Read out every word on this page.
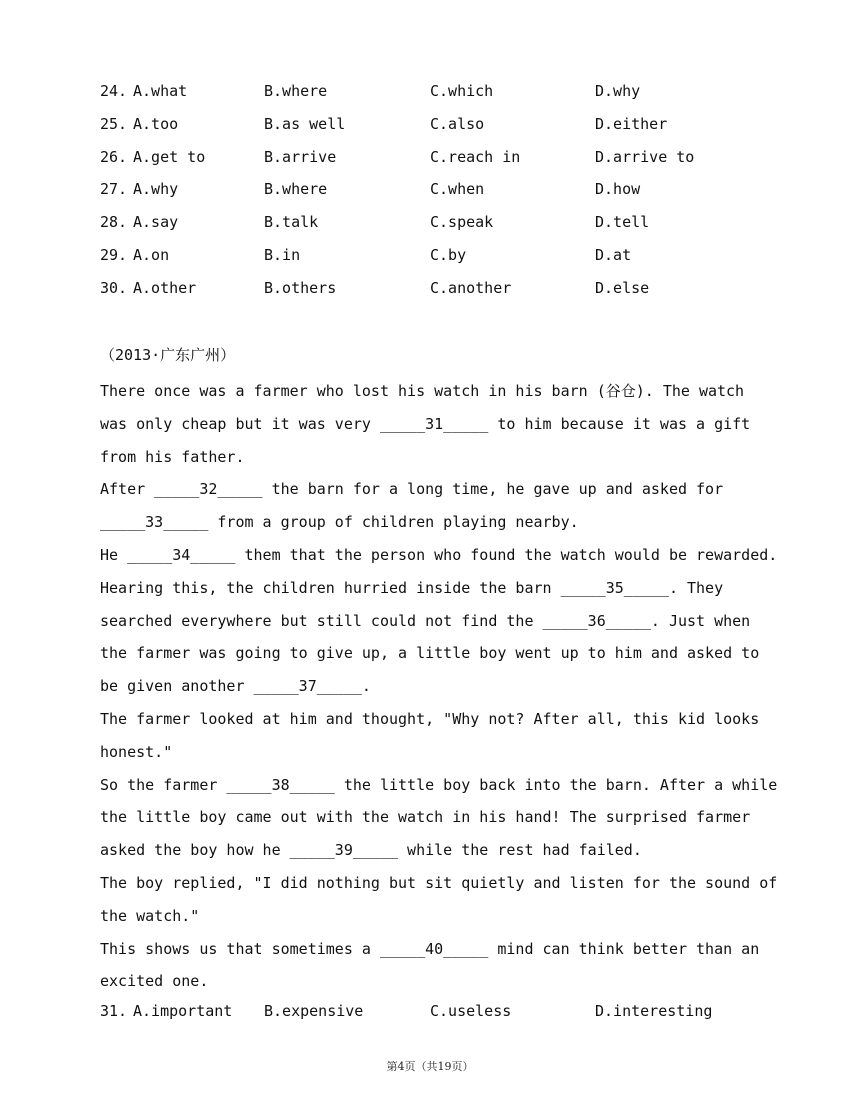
24. A.what	B.where	C.which	D.why
25. A.too	B.as well	C.also	D.either
26. A.get to	B.arrive	C.reach in	D.arrive to
27. A.why	B.where	C.when	D.how
28. A.say	B.talk	C.speak	D.tell
29. A.on	B.in	C.by	D.at
30. A.other	B.others	C.another	D.else
（2013·广东广州）

There once was a farmer who lost his watch in his barn (谷仓). The watch was only cheap but it was very _____31_____ to him because it was a gift from his father.

After _____32_____ the barn for a long time, he gave up and asked for _____33_____ from a group of children playing nearby.

He _____34_____ them that the person who found the watch would be rewarded.

Hearing this, the children hurried inside the barn _____35_____. They searched everywhere but still could not find the _____36_____. Just when the farmer was going to give up, a little boy went up to him and asked to be given another _____37_____.

The farmer looked at him and thought, "Why not? After all, this kid looks honest."

So the farmer _____38_____ the little boy back into the barn. After a while the little boy came out with the watch in his hand! The surprised farmer asked the boy how he _____39_____ while the rest had failed.

The boy replied, "I did nothing but sit quietly and listen for the sound of the watch."

This shows us that sometimes a _____40_____ mind can think better than an excited one.

31. A.important B.expensive	C.useless	D.interesting
第4页（共19页）
